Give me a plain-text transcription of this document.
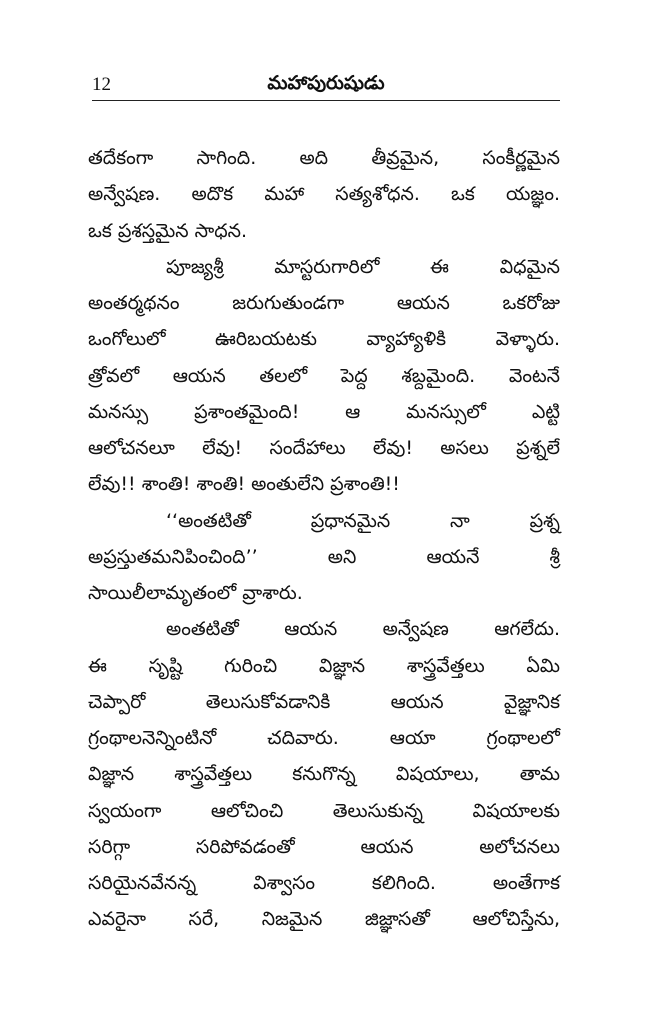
12	మహాపురుషుడు
తదేకంగా సాగింది. అది తీవ్రమైన, సంకీర్ణమైన
అన్వేషణ. అదొక మహా సత్యశోధన. ఒక యజ్ఞం.
ఒక ప్రశస్తమైన సాధన.
పూజ్యశ్రీ మాస్టరుగారిలో ఈ విధమైన
అంతర్మథనం జరుగుతుండగా ఆయన ఒకరోజు
ఒంగోలులో ఊరిబయటకు వ్యాహ్యాళికి వెళ్ళారు.
త్రోవలో ఆయన తలలో పెద్ద శబ్దమైంది. వెంటనే
మనస్సు ప్రశాంతమైంది! ఆ మనస్సులో ఎట్టి
ఆలోచనలూ లేవు! సందేహాలు లేవు! అసలు ప్రశ్నలే
లేవు!! శాంతి! శాంతి! అంతులేని ప్రశాంతి!!
‘‘అంతటితో ప్రధానమైన నా ప్రశ్న
అప్రస్తుతమనిపించింది’’ అని ఆయనే శ్రీ
సాయిలీలామృతంలో వ్రాశారు.
అంతటితో ఆయన అన్వేషణ ఆగలేదు.
ఈ సృష్టి గురించి విజ్ఞాన శాస్త్రవేత్తలు ఏమి
చెప్పారో తెలుసుకోవడానికి ఆయన వైజ్ఞానిక
గ్రంథాలనెన్నింటినో చదివారు. ఆయా గ్రంథాలలో
విజ్ఞాన శాస్త్రవేత్తలు కనుగొన్న విషయాలు, తామ
స్వయంగా ఆలోచించి తెలుసుకున్న విషయాలకు
సరిగ్గా సరిపోవడంతో ఆయన అలోచనలు
సరియైనవేనన్న విశ్వాసం కలిగింది. అంతేగాక
ఎవరైనా సరే, నిజమైన జిజ్ఞాసతో ఆలోచిస్తేను,
